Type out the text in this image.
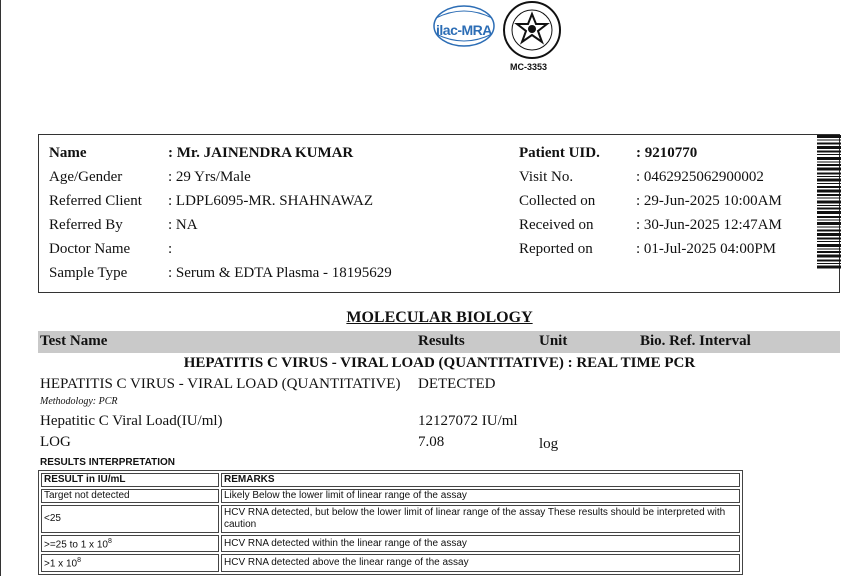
ilac-MRA
MC-3353
Name	: Mr. JAINENDRA KUMAR
Age/Gender	: 29 Yrs/Male
Referred Client : LDPL6095-MR. SHAHNAWAZ
Referred By	: NA
Doctor Name	:
Sample Type	: Serum & EDTA Plasma - 18195629
Patient UID. : 9210770
Visit No.	: 0462925062900002
Collected on	: 29-Jun-2025 10:00AM
Received on	: 30-Jun-2025 12:47AM
Reported on	: 01-Jul-2025 04:00PM
MOLECULAR BIOLOGY
Test Name	Results	Unit	Bio. Ref. Interval
HEPATITIS C VIRUS - VIRAL LOAD (QUANTITATIVE) : REAL TIME PCR
HEPATITIS C VIRUS - VIRAL LOAD (QUANTITATIVE) DETECTED
Methodology: PCR
Hepatitic C Viral Load(IU/ml)	12127072 IU/ml
LOG	7.08	log
RESULTS INTERPRETATION
RESULT in IU/mL	REMARKS
Target not detected	Likely Below the lower limit of linear range of the assay
<25	HCV RNA detected, but below the lower limit of linear range of the assay These results should be interpreted with caution
>=25 to 1 x $10^8$	HCV RNA detected within the linear range of the assay
>1 x $10^8$	HCV RNA detected above the linear range of the assay
